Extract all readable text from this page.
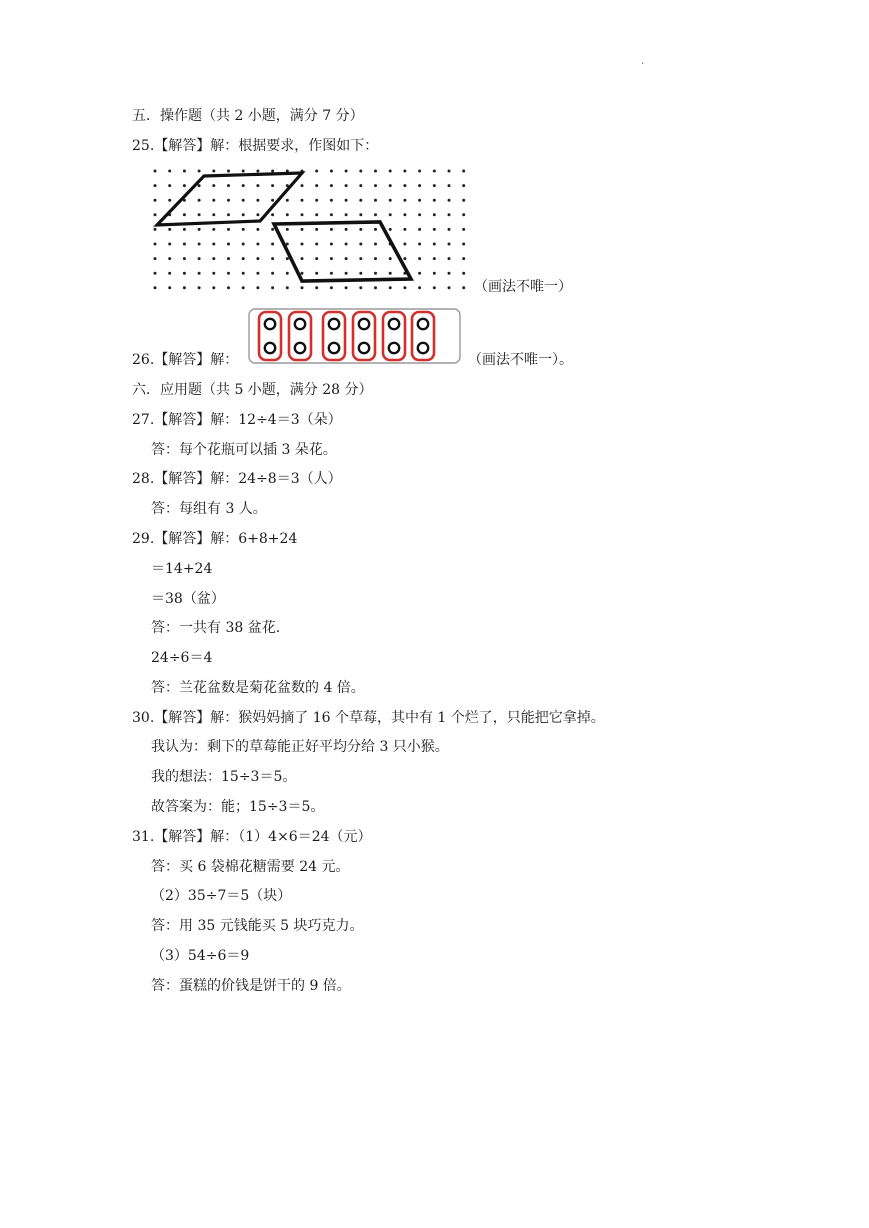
.
五．操作题（共 2 小题，满分 7 分）
25.【解答】解：根据要求，作图如下：
（画法不唯一）
26.【解答】解：	（画法不唯一）。
六．应用题（共 5 小题，满分 28 分）
27.【解答】解：12÷4＝3（朵）
答：每个花瓶可以插 3 朵花。
28.【解答】解：24÷8＝3（人）
答：每组有 3 人。
29.【解答】解：6+8+24
＝14+24
＝38（盆）
答：一共有 38 盆花.
24÷6＝4
答：兰花盆数是菊花盆数的 4 倍。
30.【解答】解：猴妈妈摘了 16 个草莓，其中有 1 个烂了，只能把它拿掉。
我认为：剩下的草莓能正好平均分给 3 只小猴。
我的想法：15÷3＝5。
故答案为：能；15÷3＝5。
31.【解答】解：（1）4×6＝24（元）
答：买 6 袋棉花糖需要 24 元。
（2）35÷7＝5（块）
答：用 35 元钱能买 5 块巧克力。
（3）54÷6＝9
答：蛋糕的价钱是饼干的 9 倍。
